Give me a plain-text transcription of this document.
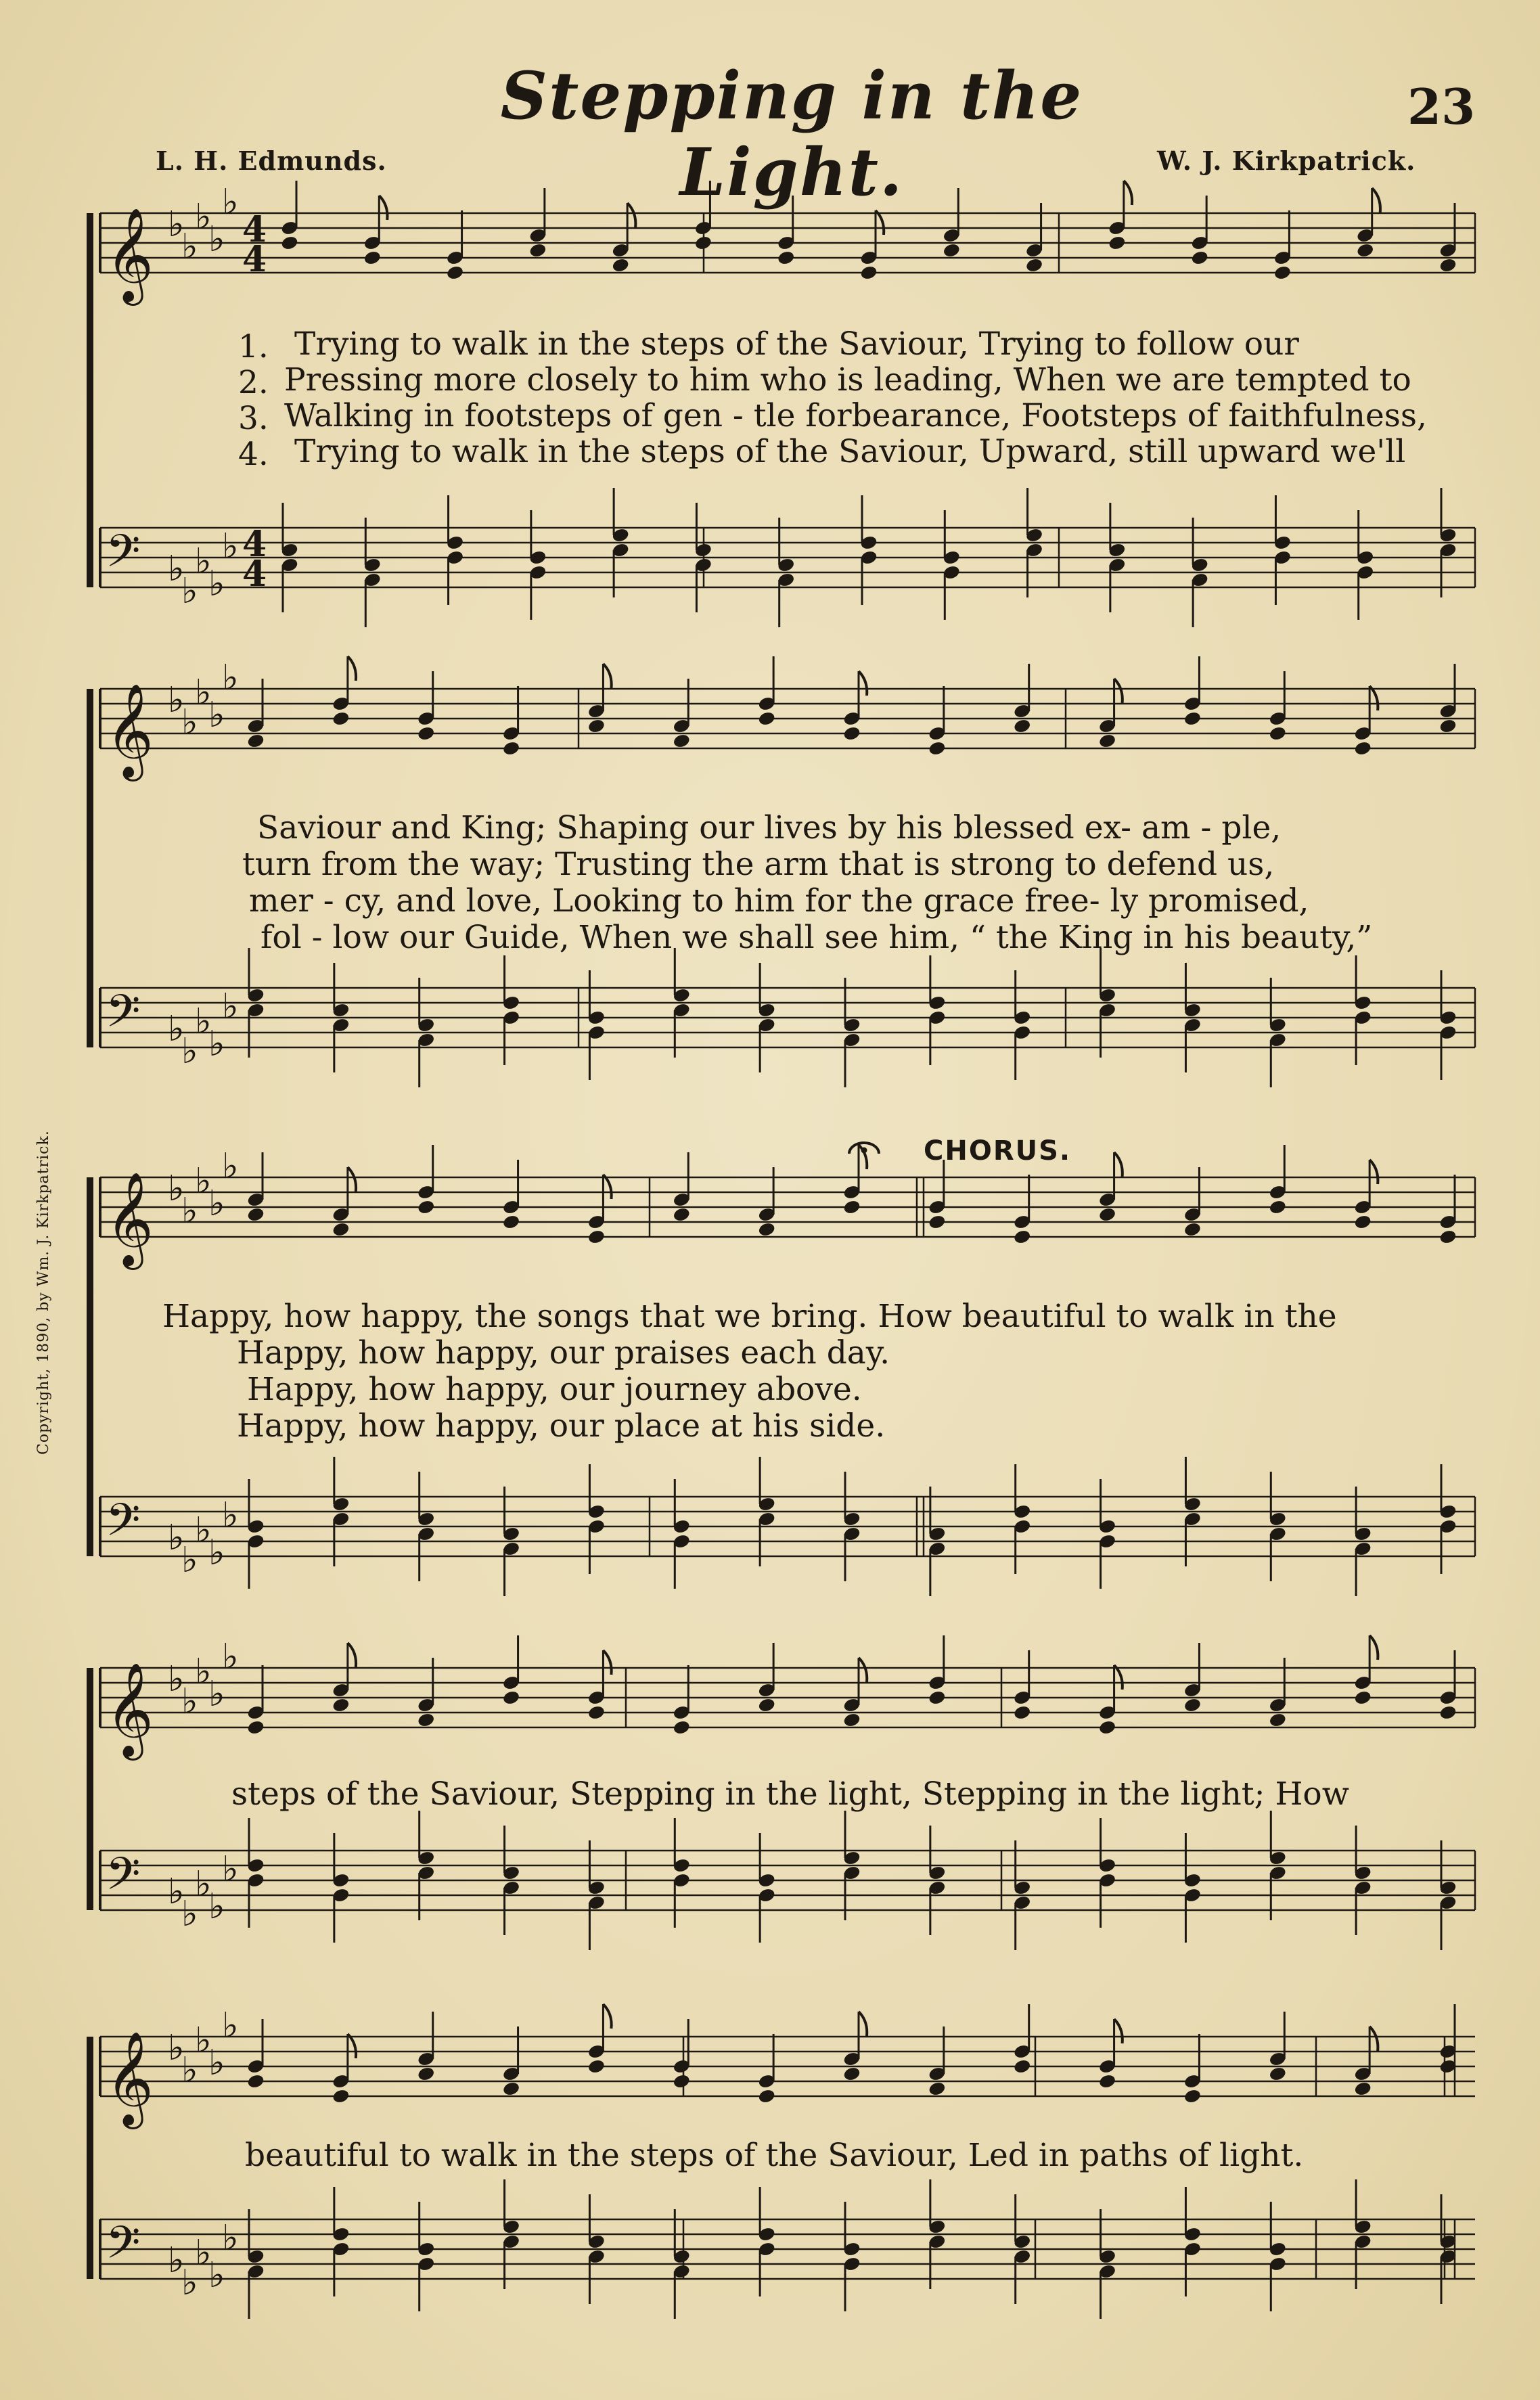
Stepping in the Light.
23
L. H. Edmunds.	W. J. Kirkpatrick.
Copyright, 1890, by Wm. J. Kirkpatrick.
𝄞 ♭
♭
♭
♭
♭
4
4
𝄢 ♭
♭
♭
♭
♭ 4
4
𝄞 ♭
♭
♭
♭
♭
𝄢 ♭
♭
♭
♭
♭
𝄞 ♭
♭
♭
♭
♭
𝄢 ♭
♭
♭
♭
♭
𝄞 ♭
♭
♭
♭
♭
𝄢 ♭
♭
♭
♭
♭
𝄞 ♭
♭
♭
♭
♭
𝄢 ♭
♭
♭
♭
♭
1. Trying to walk in the steps of the Saviour, Trying to follow our
2. Pressing more closely to him who is leading, When we are tempted to
3. Walking in footsteps of gen - tle forbearance, Footsteps of faithfulness,
4. Trying to walk in the steps of the Saviour, Upward, still upward we'll
Saviour and King; Shaping our lives by his blessed ex- am - ple,
turn from the way; Trusting the arm that is strong to defend us,
mer - cy, and love, Looking to him for the grace free- ly promised,
fol - low our Guide, When we shall see him, “ the King in his beauty,”
CHORUS.
Happy, how happy, the songs that we bring. How beautiful to walk in the
Happy, how happy, our praises each day.
Happy, how happy, our journey above.
Happy, how happy, our place at his side.
steps of the Saviour, Stepping in the light, Stepping in the light; How
beautiful to walk in the steps of the Saviour, Led in paths of light.
